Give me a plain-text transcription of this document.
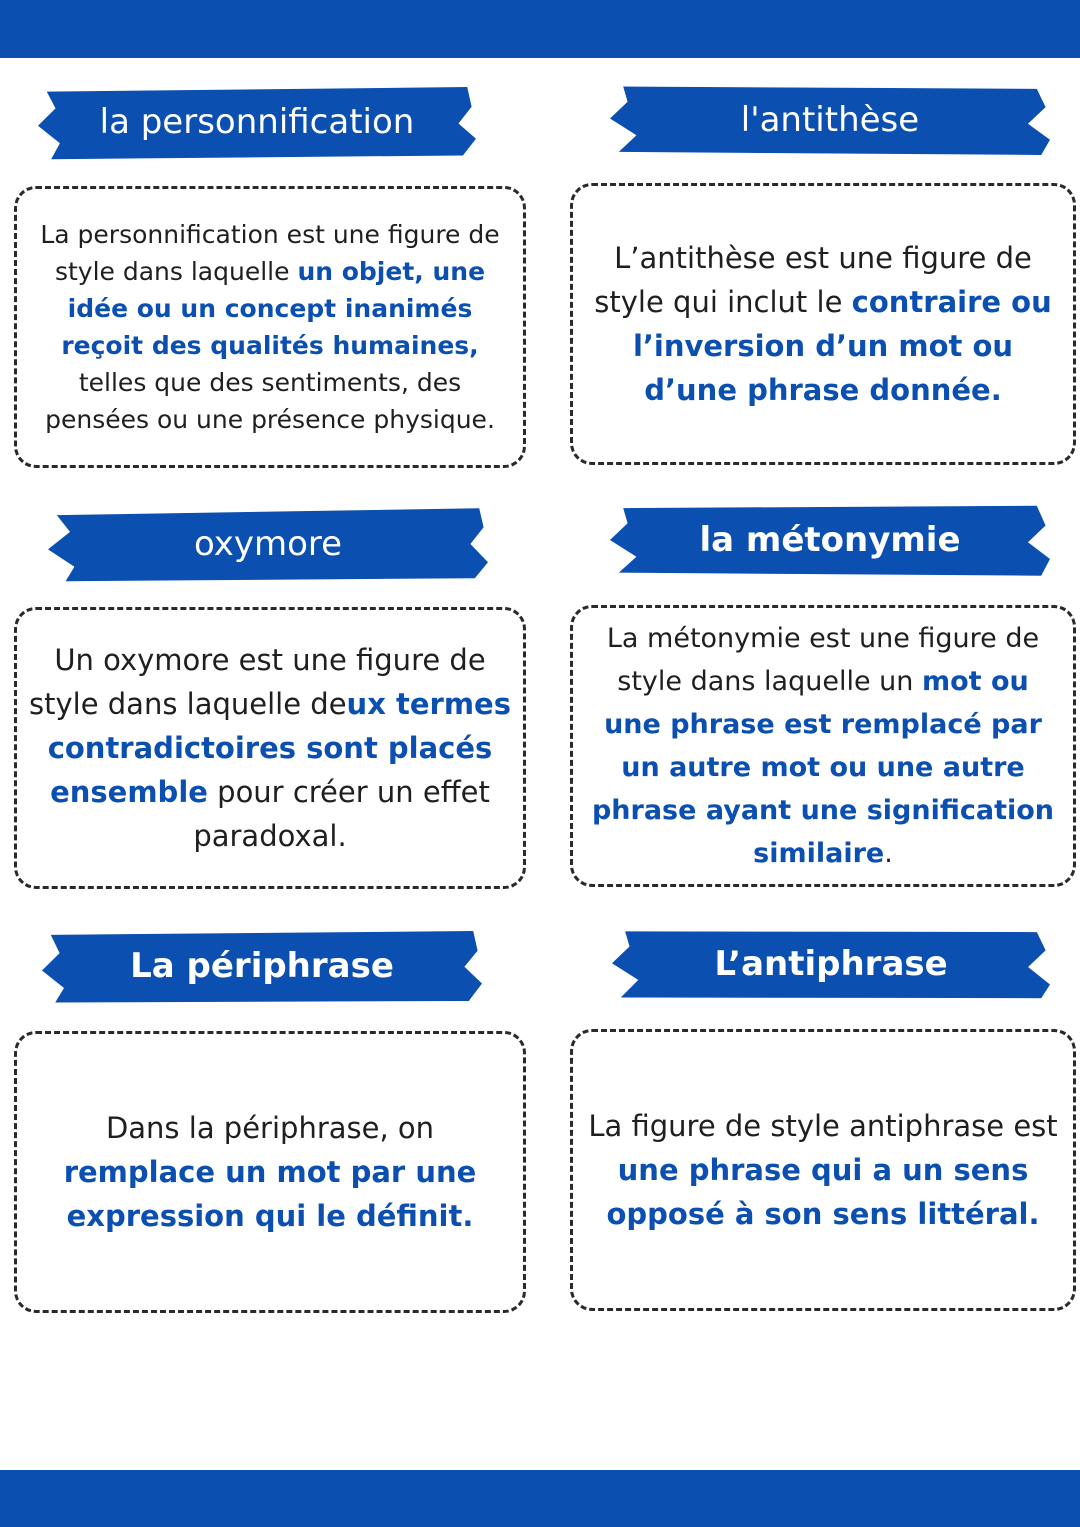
la personnification

La personnification est une figure de style dans laquelle un objet, une idée ou un concept inanimés reçoit des qualités humaines, telles que des sentiments, des pensées ou une présence physique.

l'antithèse

L’antithèse est une figure de style qui inclut le contraire ou l’inversion d’un mot ou d’une phrase donnée.

oxymore

Un oxymore est une figure de style dans laquelle deux termes contradictoires sont placés ensemble pour créer un effet paradoxal.

la métonymie

La métonymie est une figure de style dans laquelle un mot ou une phrase est remplacé par un autre mot ou une autre phrase ayant une signification similaire.

La périphrase

Dans la périphrase, on remplace un mot par une expression qui le définit.

L’antiphrase

La figure de style antiphrase est une phrase qui a un sens opposé à son sens littéral.
